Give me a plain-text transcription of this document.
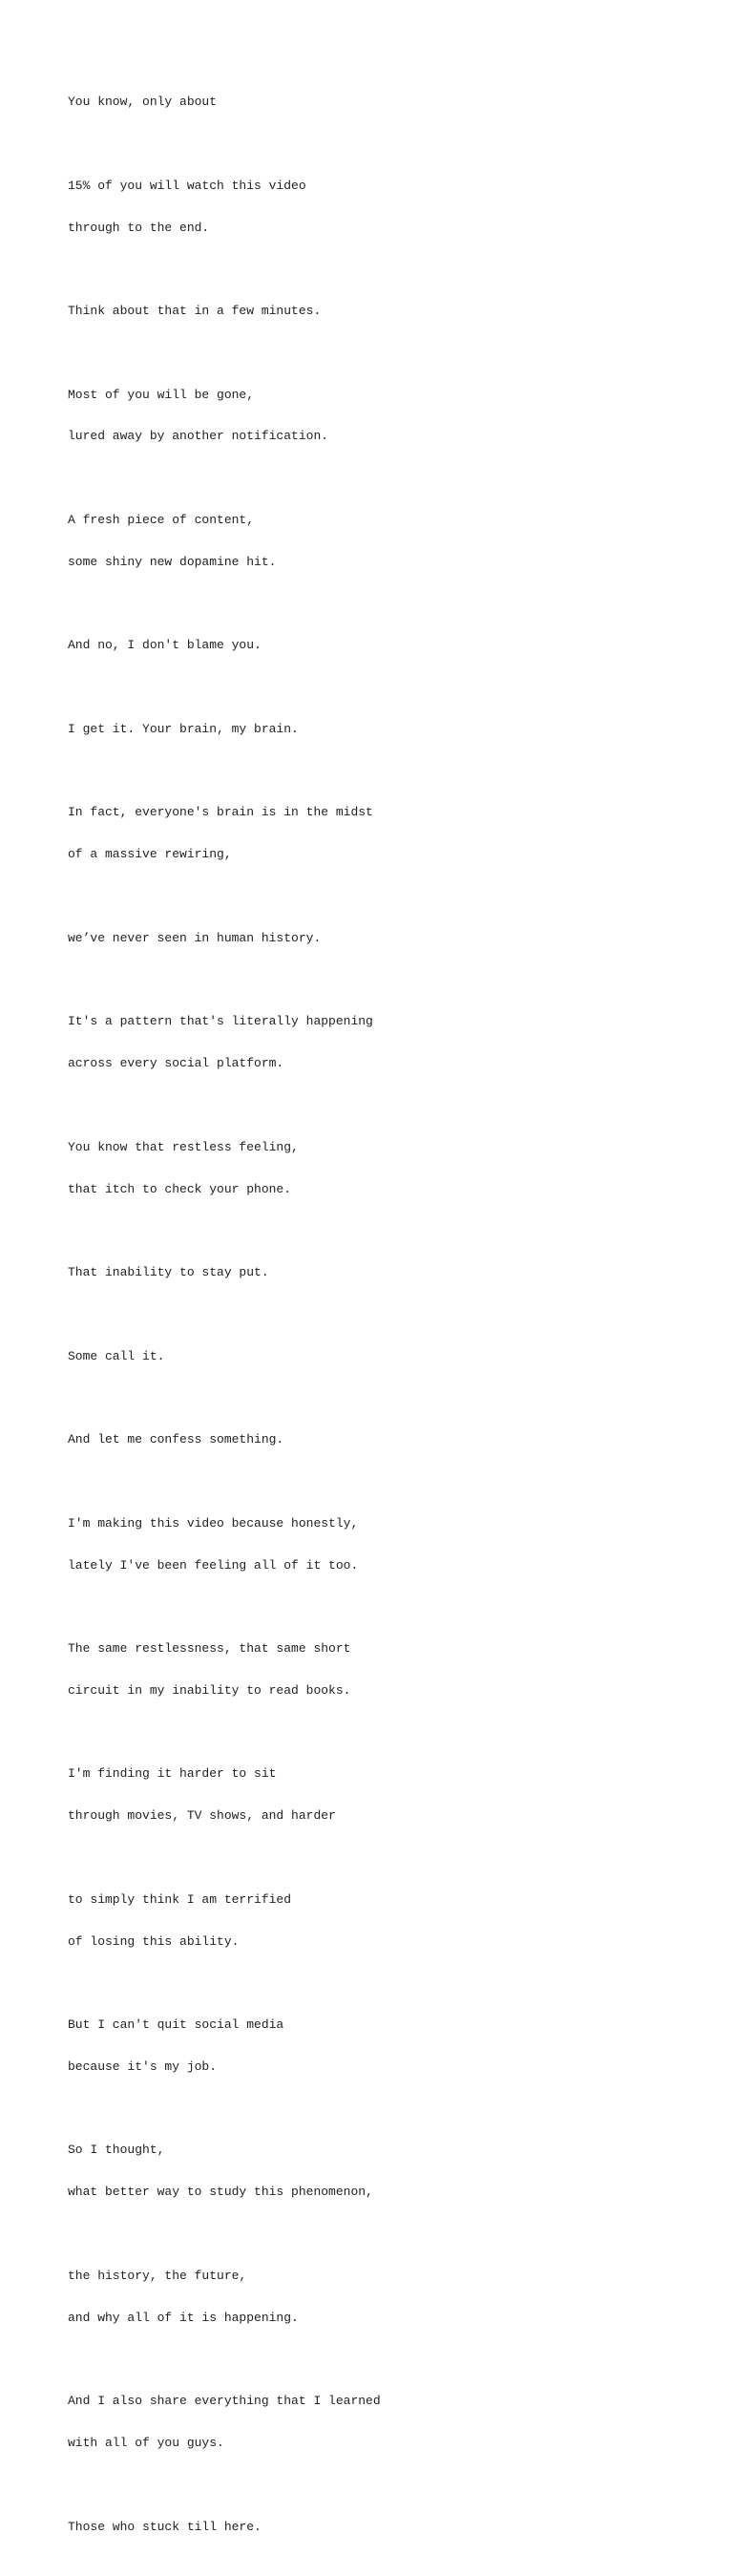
You know, only about

15% of you will watch this video

through to the end.

Think about that in a few minutes.

Most of you will be gone,

lured away by another notification.

A fresh piece of content,

some shiny new dopamine hit.

And no, I don't blame you.

I get it. Your brain, my brain.

In fact, everyone's brain is in the midst

of a massive rewiring,

we’ve never seen in human history.

It's a pattern that's literally happening

across every social platform.

You know that restless feeling,

that itch to check your phone.

That inability to stay put.

Some call it.

And let me confess something.

I'm making this video because honestly,

lately I've been feeling all of it too.

The same restlessness, that same short

circuit in my inability to read books.

I'm finding it harder to sit

through movies, TV shows, and harder

to simply think I am terrified

of losing this ability.

But I can't quit social media

because it's my job.

So I thought,

what better way to study this phenomenon,

the history, the future,

and why all of it is happening.

And I also share everything that I learned

with all of you guys.

Those who stuck till here.
